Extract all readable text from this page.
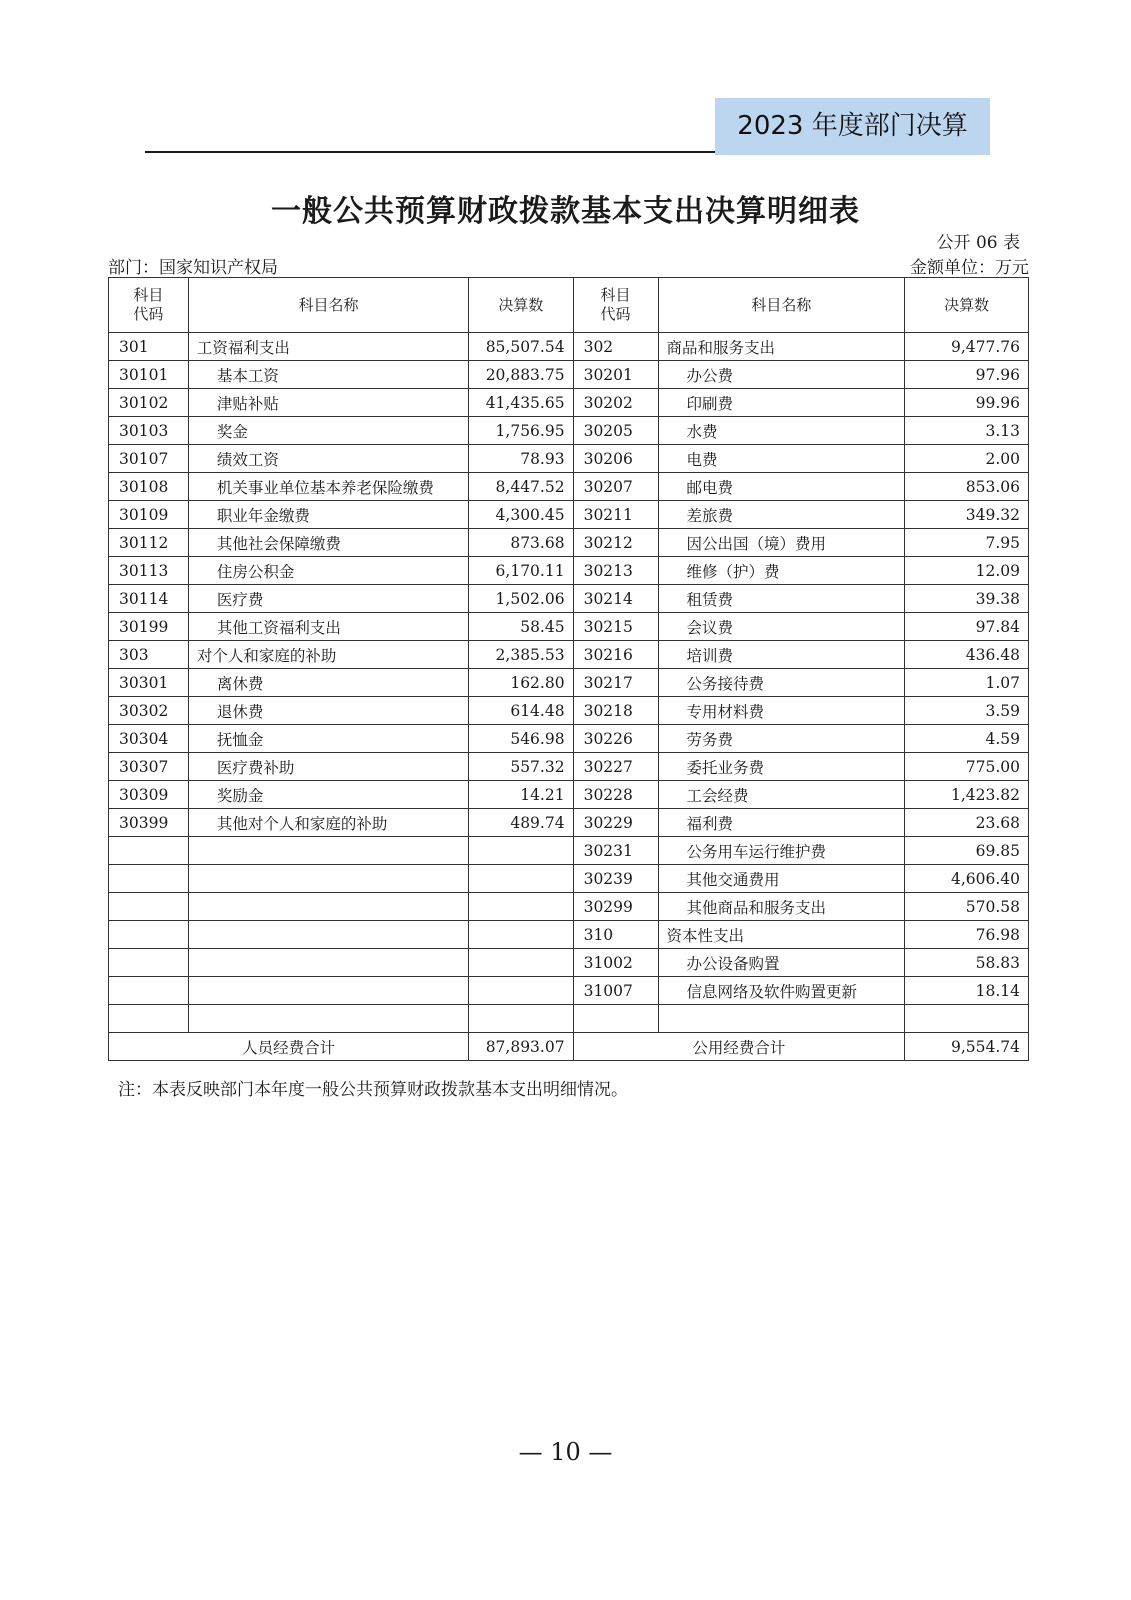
2023 年度部门决算
一般公共预算财政拨款基本支出决算明细表
公开 06 表
部门：国家知识产权局	金额单位：万元
科目代码	科目名称	决算数	科目代码	科目名称	决算数
301	工资福利支出	85,507.54	302	商品和服务支出	9,477.76
30101	基本工资	20,883.75	30201	办公费	97.96
30102	津贴补贴	41,435.65	30202	印刷费	99.96
30103	奖金	1,756.95	30205	水费	3.13
30107	绩效工资	78.93	30206	电费	2.00
30108	机关事业单位基本养老保险缴费	8,447.52	30207	邮电费	853.06
30109	职业年金缴费	4,300.45	30211	差旅费	349.32
30112	其他社会保障缴费	873.68	30212	因公出国（境）费用	7.95
30113	住房公积金	6,170.11	30213	维修（护）费	12.09
30114	医疗费	1,502.06	30214	租赁费	39.38
30199	其他工资福利支出	58.45	30215	会议费	97.84
303	对个人和家庭的补助	2,385.53	30216	培训费	436.48
30301	离休费	162.80	30217	公务接待费	1.07
30302	退休费	614.48	30218	专用材料费	3.59
30304	抚恤金	546.98	30226	劳务费	4.59
30307	医疗费补助	557.32	30227	委托业务费	775.00
30309	奖励金	14.21	30228	工会经费	1,423.82
30399	其他对个人和家庭的补助	489.74	30229	福利费	23.68
			30231	公务用车运行维护费	69.85
			30239	其他交通费用	4,606.40
			30299	其他商品和服务支出	570.58
			310	资本性支出	76.98
			31002	办公设备购置	58.83
			31007	信息网络及软件购置更新	18.14

人员经费合计		87,893.07	公用经费合计		9,554.74
注：本表反映部门本年度一般公共预算财政拨款基本支出明细情况。
— 10 —
